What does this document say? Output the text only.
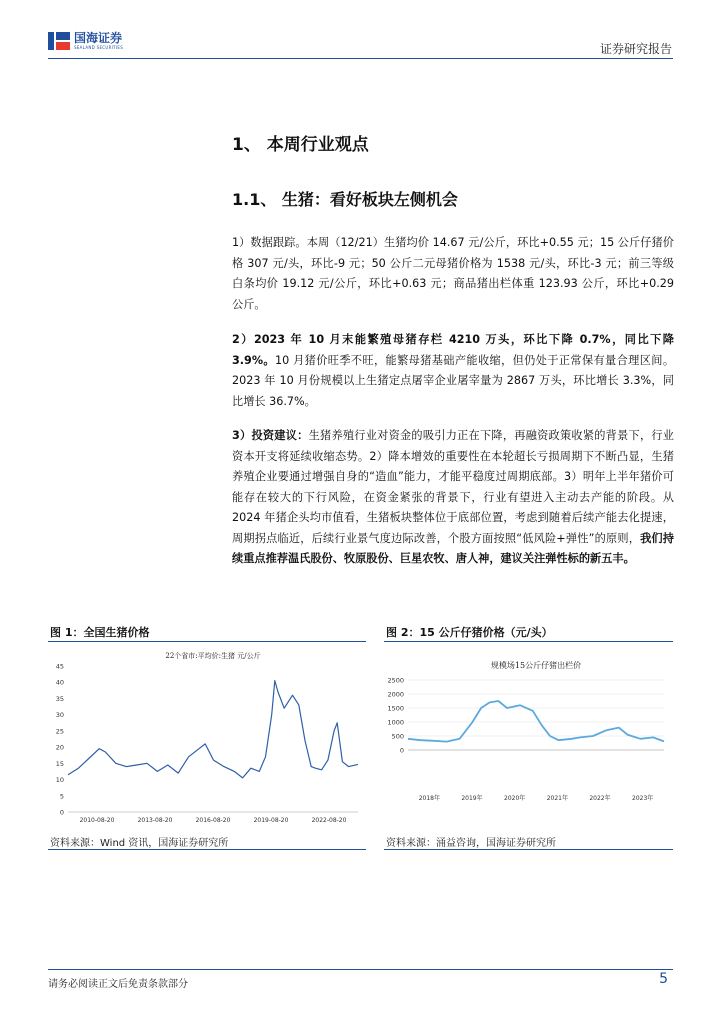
国海证券
SEALAND SECURITIES	证券研究报告
1、 本周行业观点
1.1、 生猪：看好板块左侧机会
1）数据跟踪。本周（12/21）生猪均价 14.67 元/公斤，环比+0.55 元；15 公斤仔猪价格 307 元/头，环比-9 元；50 公斤二元母猪价格为 1538 元/头，环比-3 元；前三等级白条均价 19.12 元/公斤，环比+0.63 元；商品猪出栏体重 123.93 公斤，环比+0.29 公斤。
2）2023 年 10 月末能繁殖母猪存栏 4210 万头，环比下降 0.7%，同比下降 3.9%。10 月猪价旺季不旺，能繁母猪基础产能收缩，但仍处于正常保有量合理区间。2023 年 10 月份规模以上生猪定点屠宰企业屠宰量为 2867 万头，环比增长 3.3%，同比增长 36.7%。
3）投资建议：生猪养殖行业对资金的吸引力正在下降，再融资政策收紧的背景下，行业资本开支将延续收缩态势。2）降本增效的重要性在本轮超长亏损周期下不断凸显，生猪养殖企业要通过增强自身的“造血”能力，才能平稳度过周期底部。3）明年上半年猪价可能存在较大的下行风险，在资金紧张的背景下，行业有望进入主动去产能的阶段。从 2024 年猪企头均市值看，生猪板块整体位于底部位置，考虑到随着后续产能去化提速，周期拐点临近，后续行业景气度边际改善，个股方面按照“低风险+弹性”的原则，我们持续重点推荐温氏股份、牧原股份、巨星农牧、唐人神，建议关注弹性标的新五丰。
图 1：全国生猪价格
22个省市:平均价:生猪 元/公斤
0
5
10
15
20
25
30
35
40
45
2010-08-20	2013-08-20	2016-08-20	2019-08-20	2022-08-20
资料来源：Wind 资讯，国海证券研究所
图 2：15 公斤仔猪价格（元/头）
规模场15公斤仔猪出栏价
0
500
1000
1500
2000
2500
2018年	2019年	2020年	2021年	2022年	2023年
资料来源：涌益咨询，国海证券研究所
请务必阅读正文后免责条款部分	5
